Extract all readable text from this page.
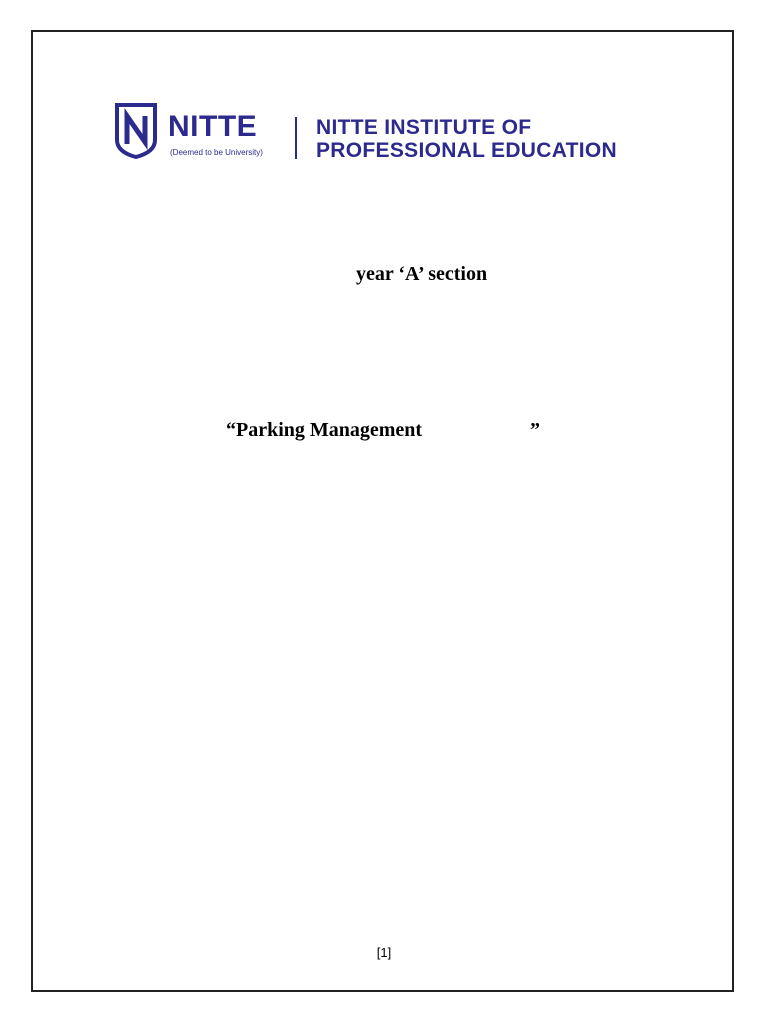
NITTE
(Deemed to be University)
NITTE INSTITUTE OF
PROFESSIONAL EDUCATION
year ‘A’ section
“Parking Management	”
[1]
